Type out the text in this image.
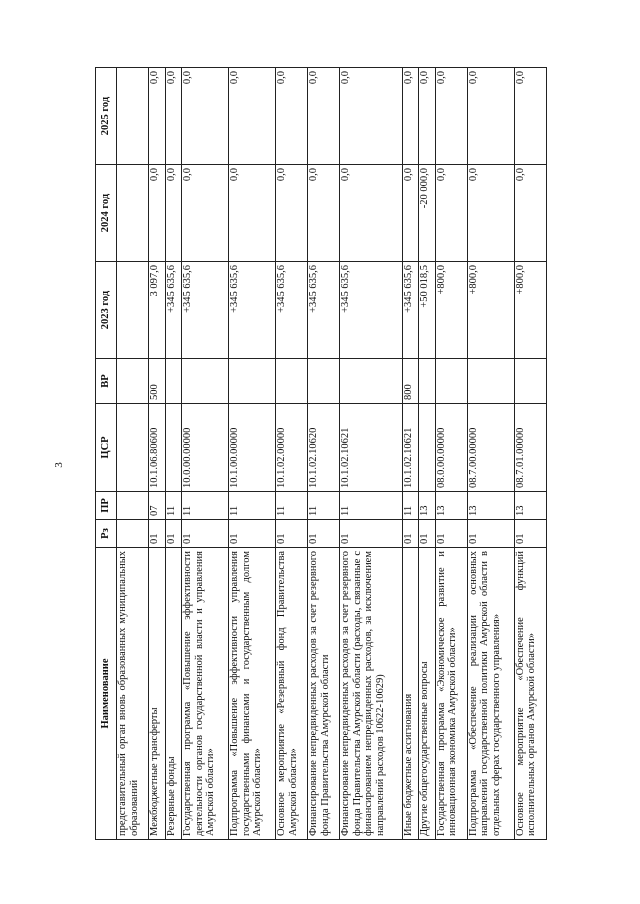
3
Наименование	Рз	ПР	ЦСР	ВР	2023 год	2024 год	2025 год
представительный орган вновь образованных муниципальных образований							
Межбюджетные трансферты	01	07	10.1.06.80600	500	3 097,0	0,0	0,0
Резервные фонды	01	11			+345 635,6	0,0	0,0
Государственная программа «Повышение эффективности деятельности органов государственной власти и управления Амурской области»	01	11	10.0.00.00000		+345 635,6	0,0	0,0
Подпрограмма «Повышение эффективности управления государственными финансами и государственным долгом Амурской области»	01	11	10.1.00.00000		+345 635,6	0,0	0,0
Основное мероприятие «Резервный фонд Правительства Амурской области»	01	11	10.1.02.00000		+345 635,6	0,0	0,0
Финансирование непредвиденных расходов за счет резервного фонда Правительства Амурской области	01	11	10.1.02.10620		+345 635,6	0,0	0,0
Финансирование непредвиденных расходов за счет резервного фонда Правительства Амурской области (расходы, связанные с финансированием непредвиденных расходов, за исключением направлений расходов 10622-10629)	01	11	10.1.02.10621		+345 635,6	0,0	0,0
Иные бюджетные ассигнования	01	11	10.1.02.10621	800	+345 635,6	0,0	0,0
Другие общегосударственные вопросы	01	13			+50 018,5	-20 000,0	0,0
Государственная программа «Экономическое развитие и инновационная экономика Амурской области»	01	13	08.0.00.00000		+800,0	0,0	0,0
Подпрограмма «Обеспечение реализации основных направлений государственной политики Амурской области в отдельных сферах государственного управления»	01	13	08.7.00.00000		+800,0	0,0	0,0
Основное мероприятие «Обеспечение функций исполнительных органов Амурской области»	01	13	08.7.01.00000		+800,0	0,0	0,0
